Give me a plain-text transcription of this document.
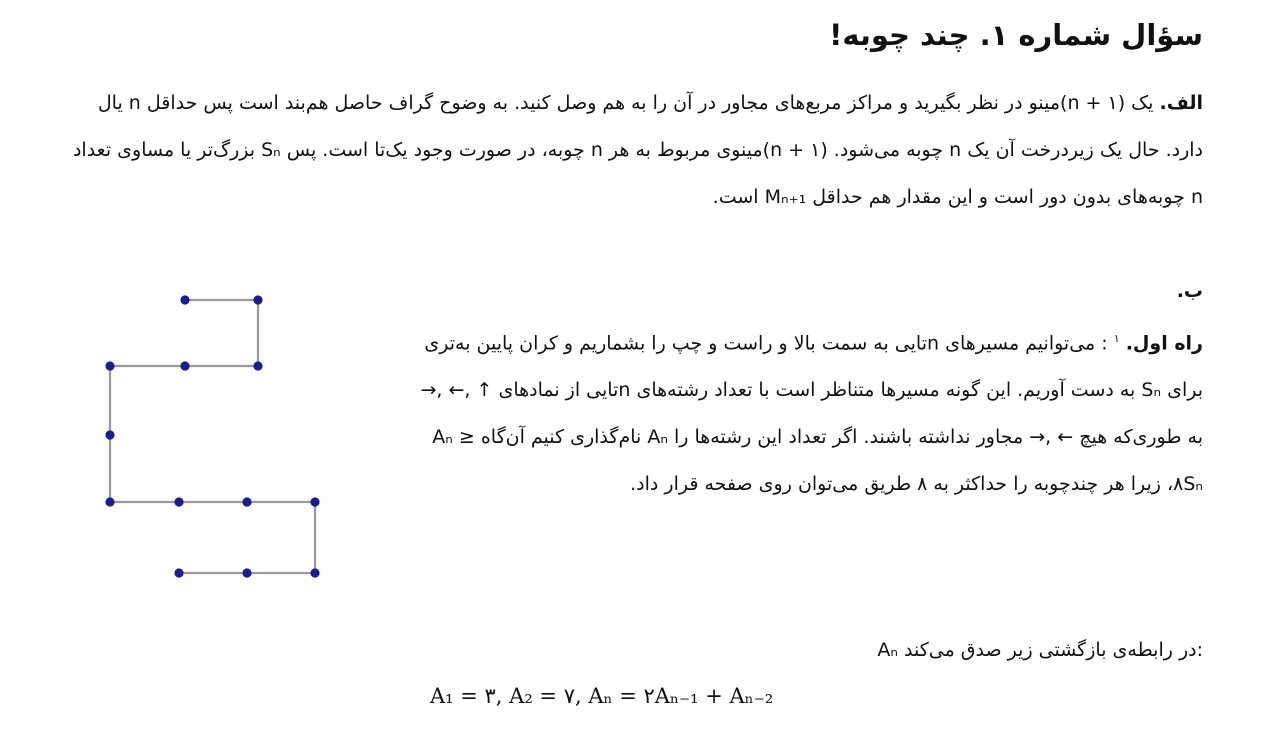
سؤال شماره ۱. چند چوبه!
الف. یک (n + ۱)مینو در نظر بگیرید و مراکز مربع‌های مجاور در آن را به هم وصل کنید. به وضوح گراف حاصل هم‌بند است پس حداقل n یال دارد. حال یک زیردرخت آن یک n چوبه می‌شود. (n + ۱)مینوی مربوط به هر n چوبه، در صورت وجود یک‌تا است. پس Sₙ بزرگ‌تر یا مساوی تعداد n چوبه‌های بدون دور است و این مقدار هم حداقل Mₙ₊₁ است.
ب.
راه اول. $^۱$ : می‌توانیم مسیرهای nتایی به سمت بالا و راست و چپ را بشماریم و کران پایین به‌تری برای Sₙ به دست آوریم. این گونه مسیرها متناظر است با تعداد رشته‌های nتایی از نمادهای ↑ ,← ,→ به طوری‌که هیچ ← ,→ مجاور نداشته باشند. اگر تعداد این رشته‌ها را Aₙ نام‌گذاری کنیم آن‌گاه Aₙ ≥ ۸Sₙ، زیرا هر چندچوبه را حداکثر به ۸ طریق می‌توان روی صفحه قرار داد.
Aₙ در رابطه‌ی بازگشتی زیر صدق می‌کند:
A₁ = ۳, A₂ = ۷, Aₙ = ۲Aₙ₋₁ + Aₙ₋₂
